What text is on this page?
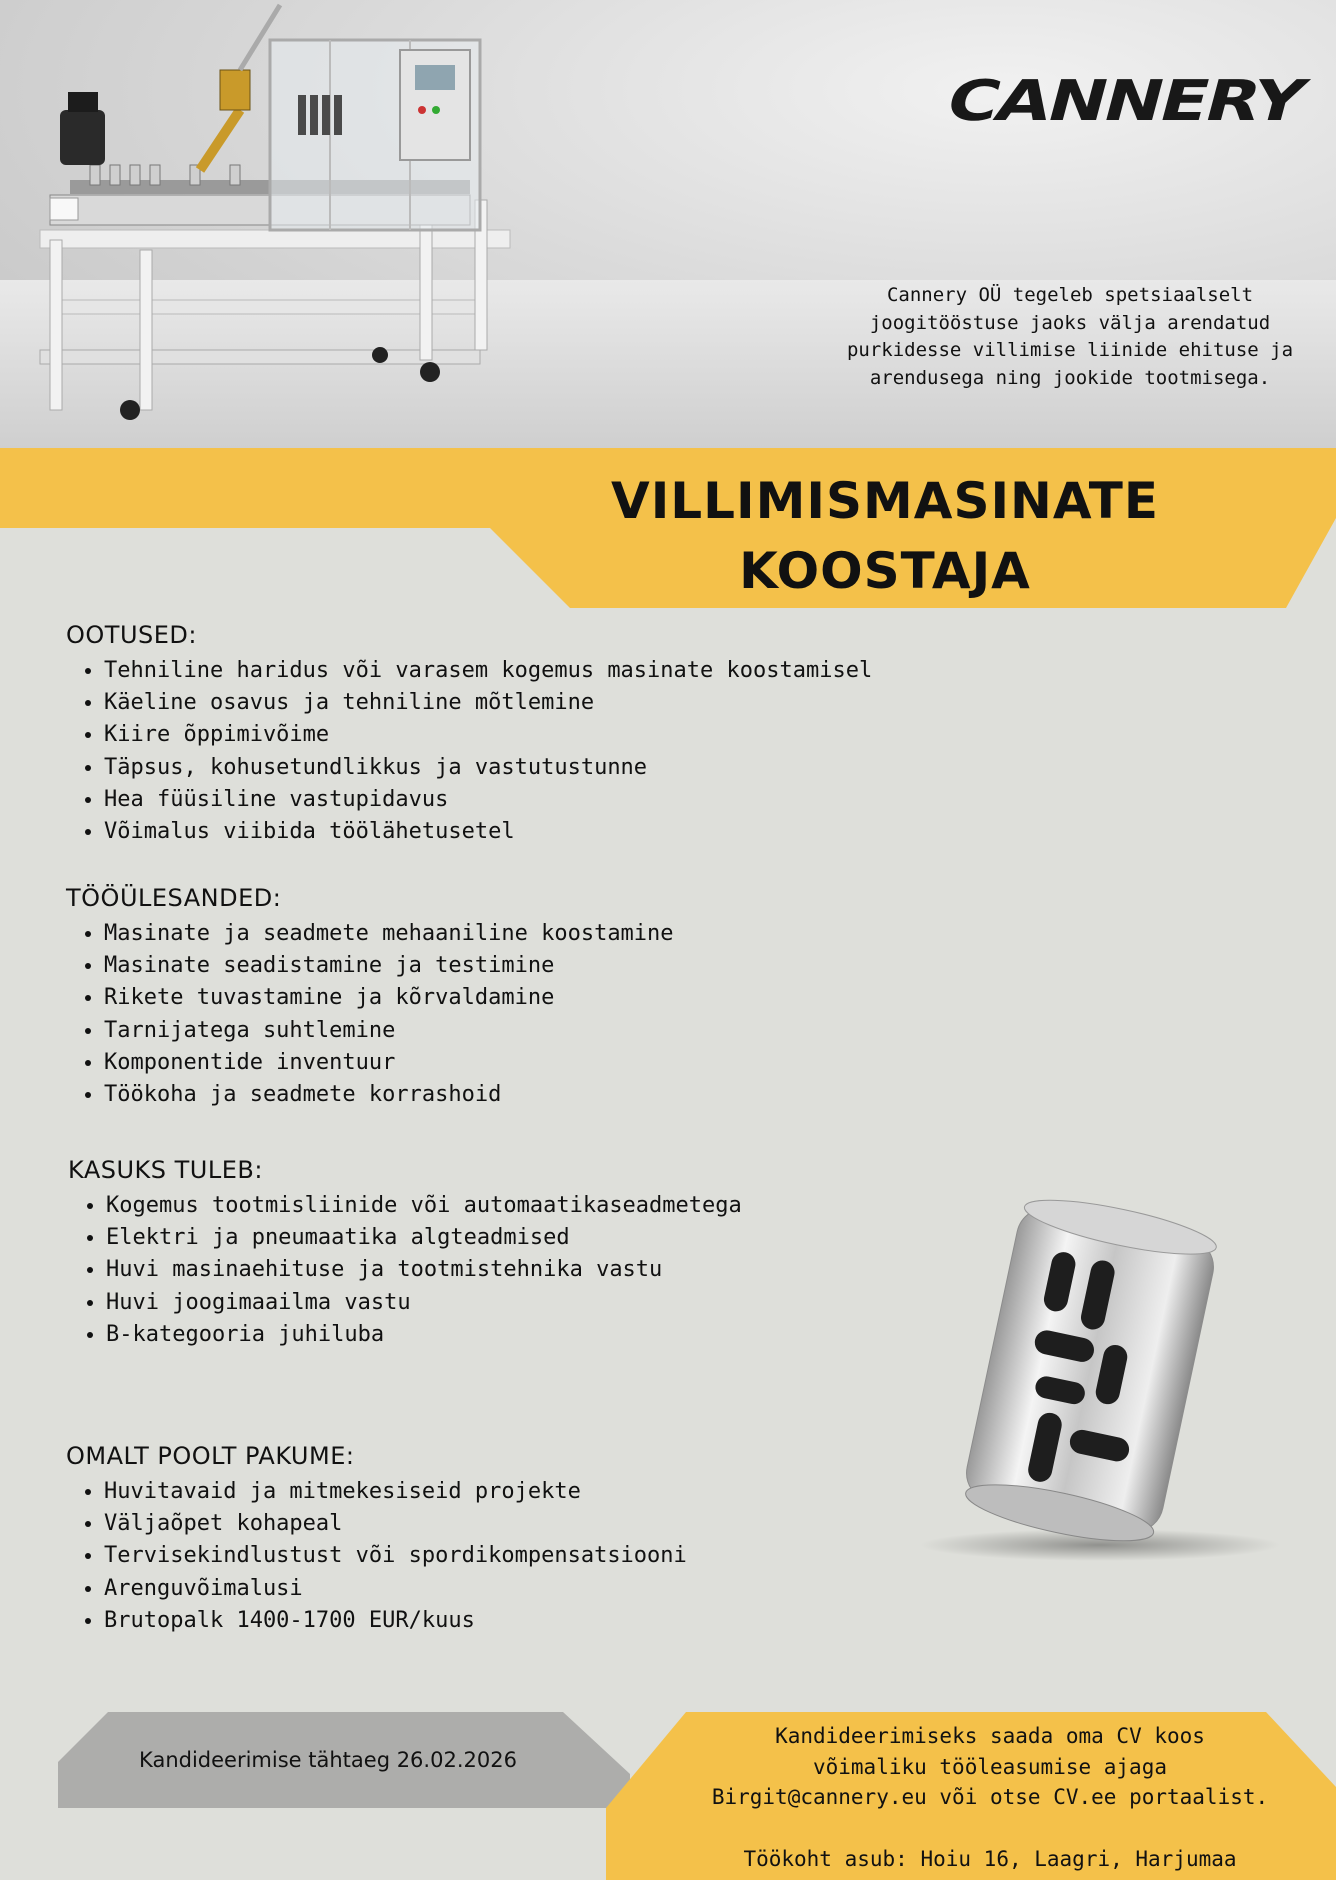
CANNERY

Cannery OÜ tegeleb spetsiaalselt joogitööstuse jaoks välja arendatud purkidesse villimise liinide ehituse ja arendusega ning jookide tootmisega.

VILLIMISMASINATE
KOOSTAJA
OOTUSED:
• Tehniline haridus või varasem kogemus masinate koostamisel
• Käeline osavus ja tehniline mõtlemine
• Kiire õppimivõime
• Täpsus, kohusetundlikkus ja vastutustunne
• Hea füüsiline vastupidavus
• Võimalus viibida töölähetusetel
TÖÖÜLESANDED:
• Masinate ja seadmete mehaaniline koostamine
• Masinate seadistamine ja testimine
• Rikete tuvastamine ja kõrvaldamine
• Tarnijatega suhtlemine
• Komponentide inventuur
• Töökoha ja seadmete korrashoid
KASUKS TULEB:
• Kogemus tootmisliinide või automaatikaseadmetega
• Elektri ja pneumaatika algteadmised
• Huvi masinaehituse ja tootmistehnika vastu
• Huvi joogimaailma vastu
• B-kategooria juhiluba
OMALT POOLT PAKUME:
• Huvitavaid ja mitmekesiseid projekte
• Väljaõpet kohapeal
• Tervisekindlustust või spordikompensatsiooni
• Arenguvõimalusi
• Brutopalk 1400-1700 EUR/kuus

Kandideerimise tähtaeg 26.02.2026

Kandideerimiseks saada oma CV koos
võimaliku tööleasumise ajaga
Birgit@cannery.eu või otse CV.ee portaalist.

Töökoht asub: Hoiu 16, Laagri, Harjumaa
